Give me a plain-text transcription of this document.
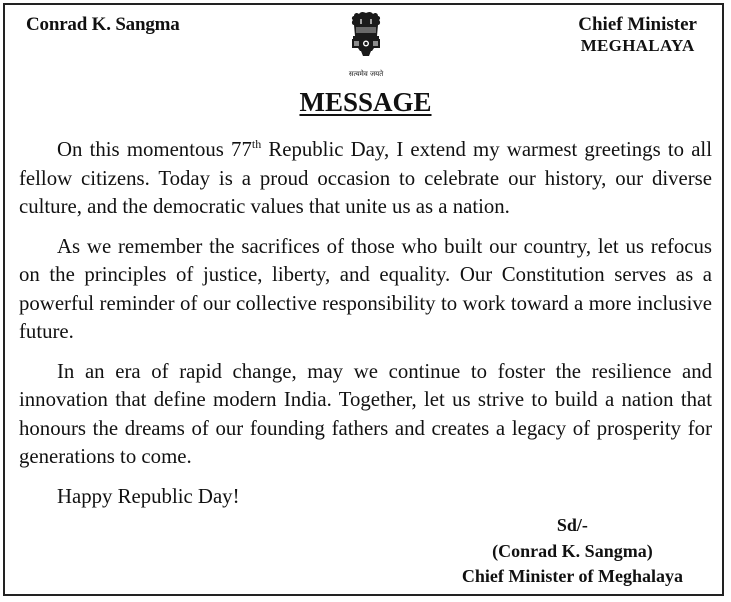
Conrad K. Sangma	Chief Minister
MEGHALAYA
सत्यमेव जयते
MESSAGE

On this momentous 77th Republic Day, I extend my warmest greetings to all fellow citizens. Today is a proud occasion to celebrate our history, our diverse culture, and the democratic values that unite us as a nation.

As we remember the sacrifices of those who built our country, let us refocus on the principles of justice, liberty, and equality. Our Constitution serves as a powerful reminder of our collective responsibility to work toward a more inclusive future.

In an era of rapid change, may we continue to foster the resilience and innovation that define modern India. Together, let us strive to build a nation that honours the dreams of our founding fathers and creates a legacy of prosperity for generations to come.

Happy Republic Day!

Sd/-
(Conrad K. Sangma)
Chief Minister of Meghalaya
